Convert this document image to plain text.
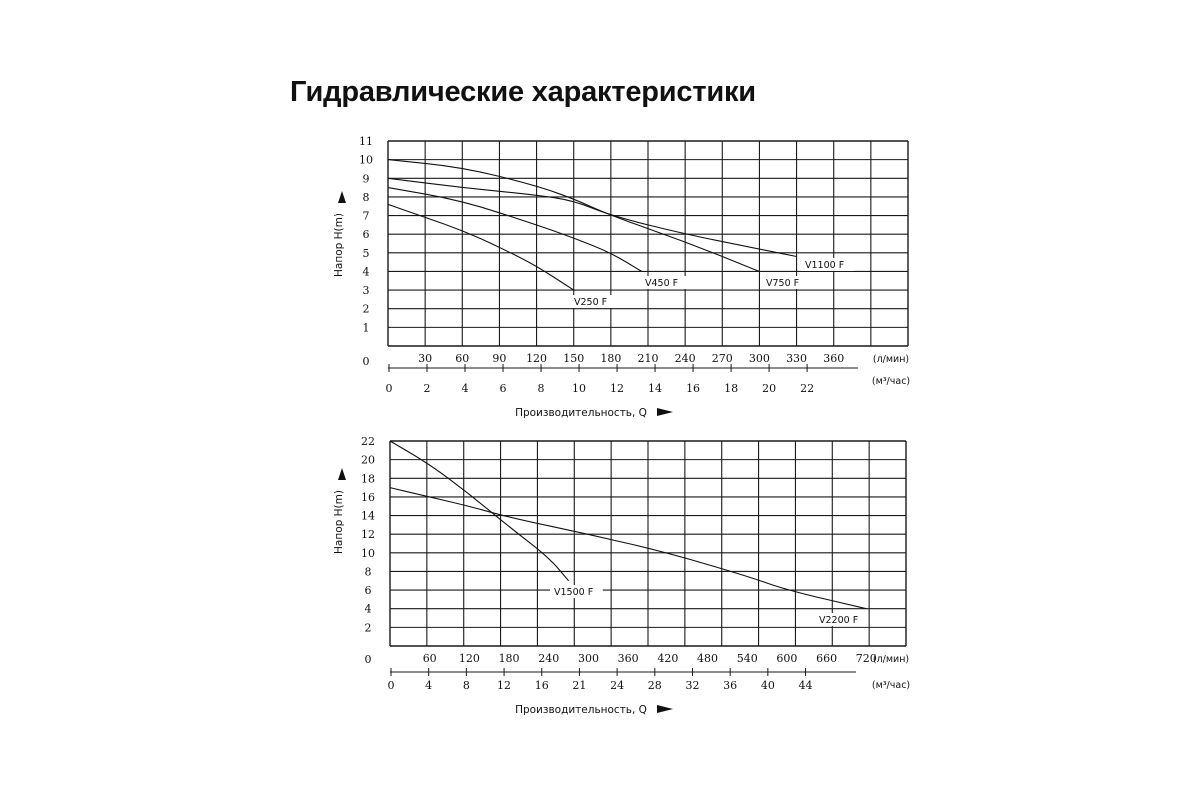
Гидравлические характеристики
1
2
3
4
5
6
7
8
9
10
11
0	30 60 90 120 150 180 210 240 270 300 330 360	(л/мин)
0	2	4	6	8	10 12 14 16 18 20 22
(м³/час)
Напор H(m)
Производительность, Q
V250 F
V450 F	V750 F
V1100 F
2
4
6
8
10
12
14
16
18
20
22
0	60 120 180 240 300 360 420 480 540 600 660 720
(л/мин)
0	4	8 12 16 21 24 28 32 36 40 44	(м³/час)
Напор H(m)
Производительность, Q
V1500 F
V2200 F
